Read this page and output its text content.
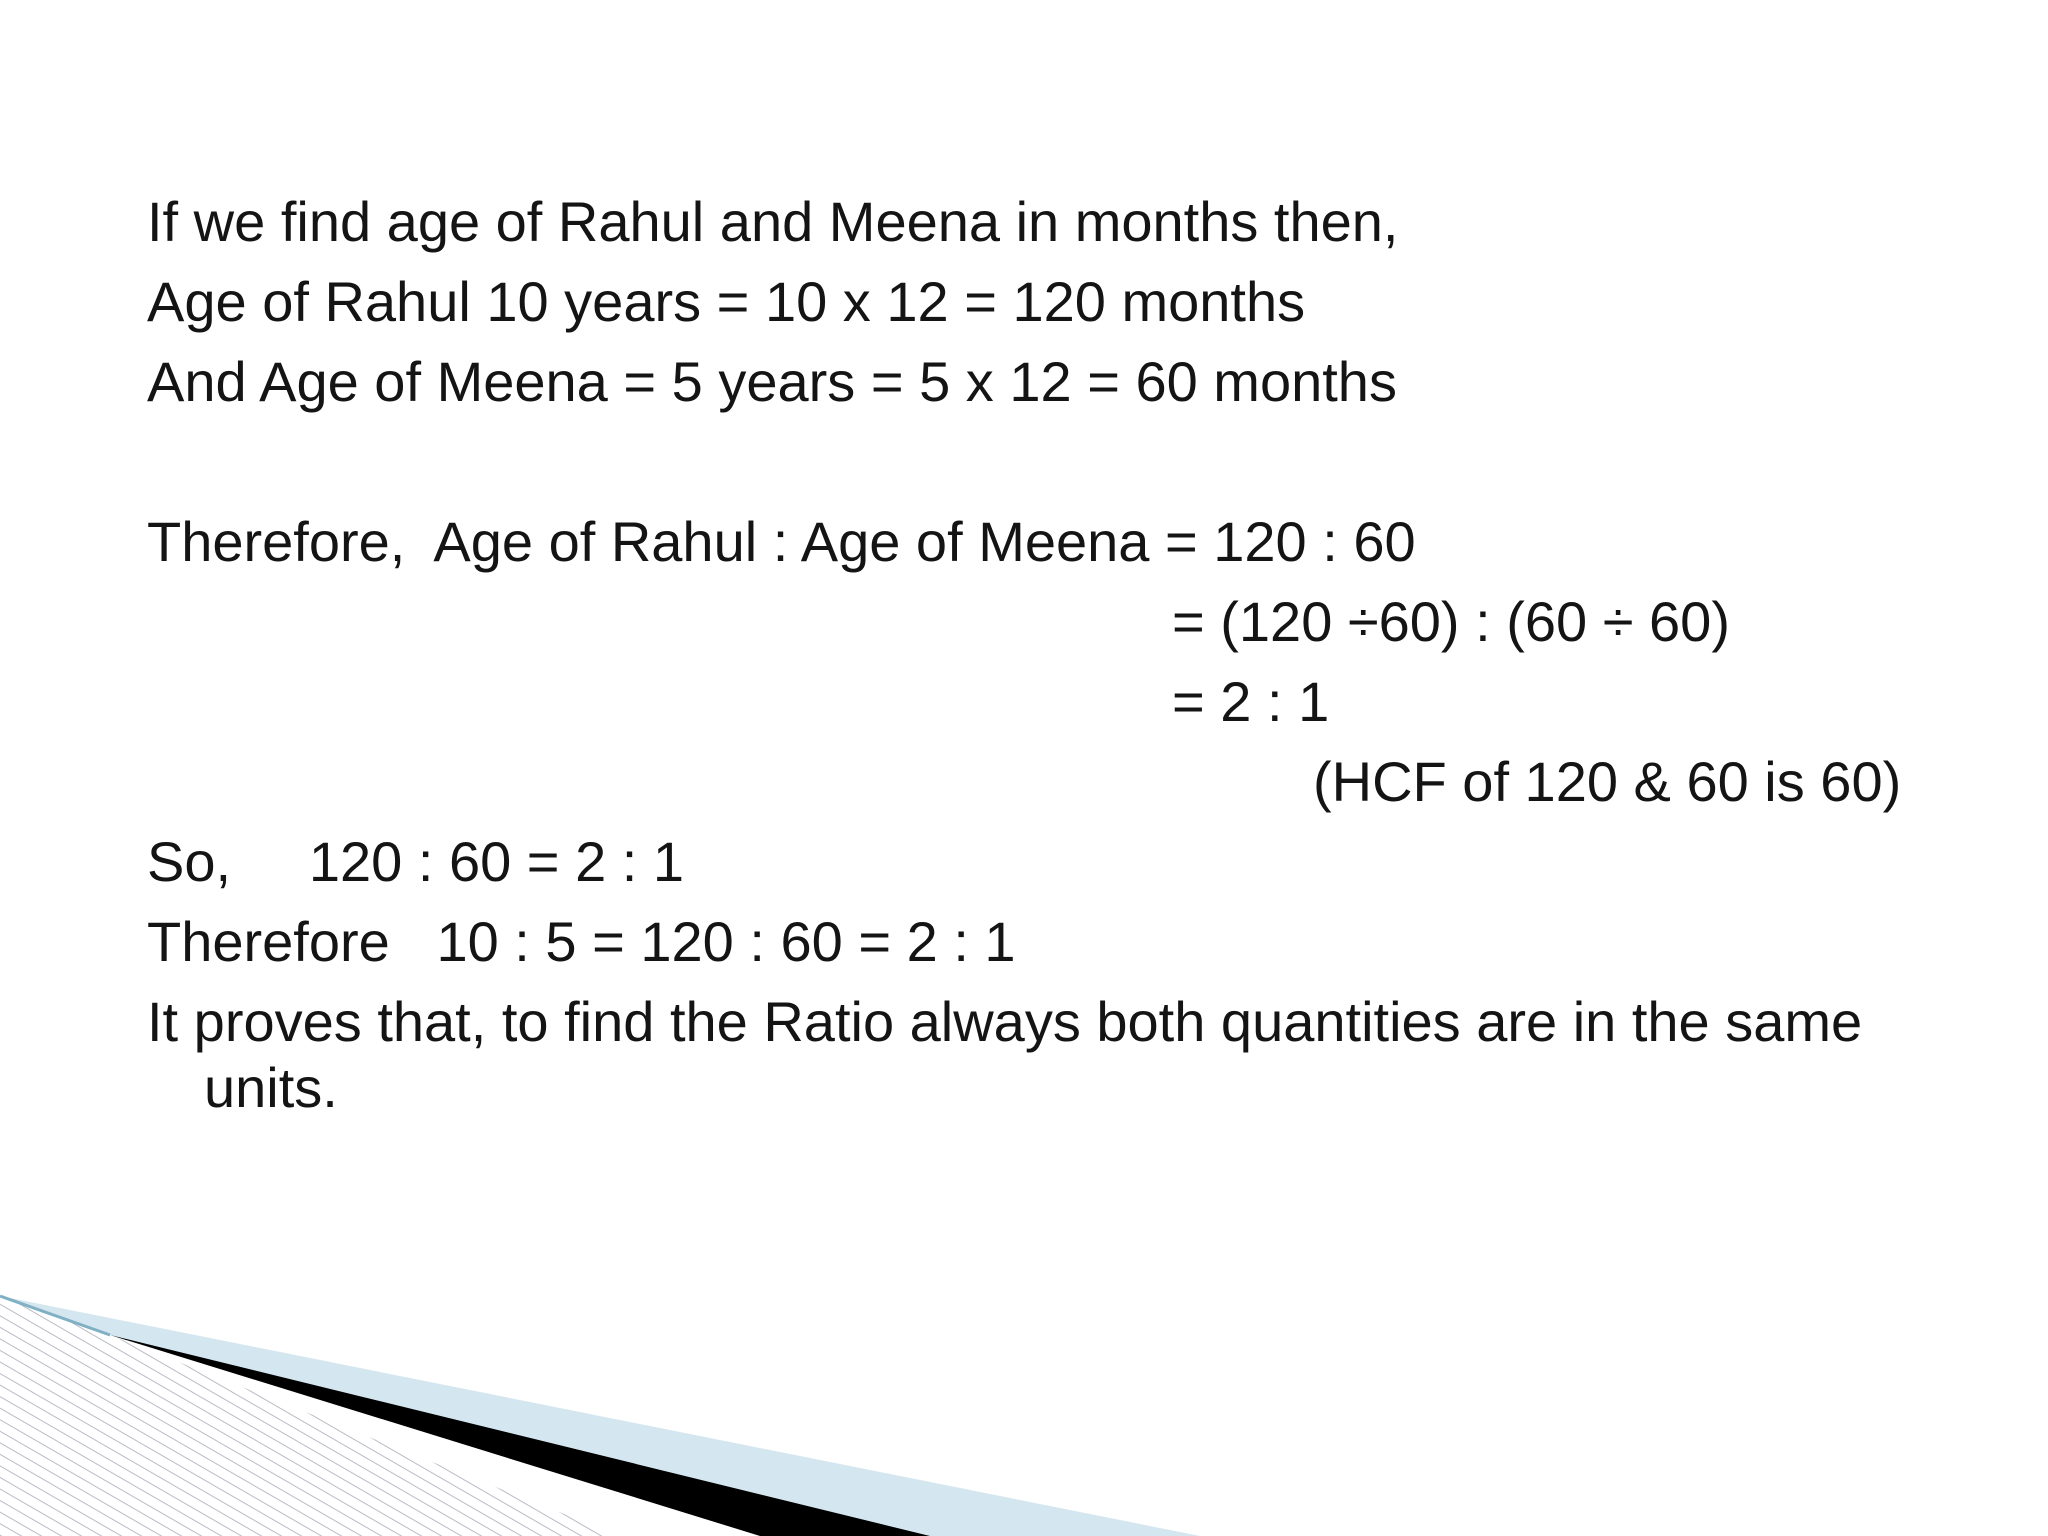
If we find age of Rahul and Meena in months then,
Age of Rahul 10 years = 10 x 12 = 120 months
And Age of Meena = 5 years = 5 x 12 = 60 months
Therefore,  Age of Rahul : Age of Meena = 120 : 60
= (120 ÷60) : (60 ÷ 60)
= 2 : 1
(HCF of 120 & 60 is 60)
So,     120 : 60 = 2 : 1
Therefore   10 : 5 = 120 : 60 = 2 : 1
It proves that, to find the Ratio always both quantities are in the same
units.
